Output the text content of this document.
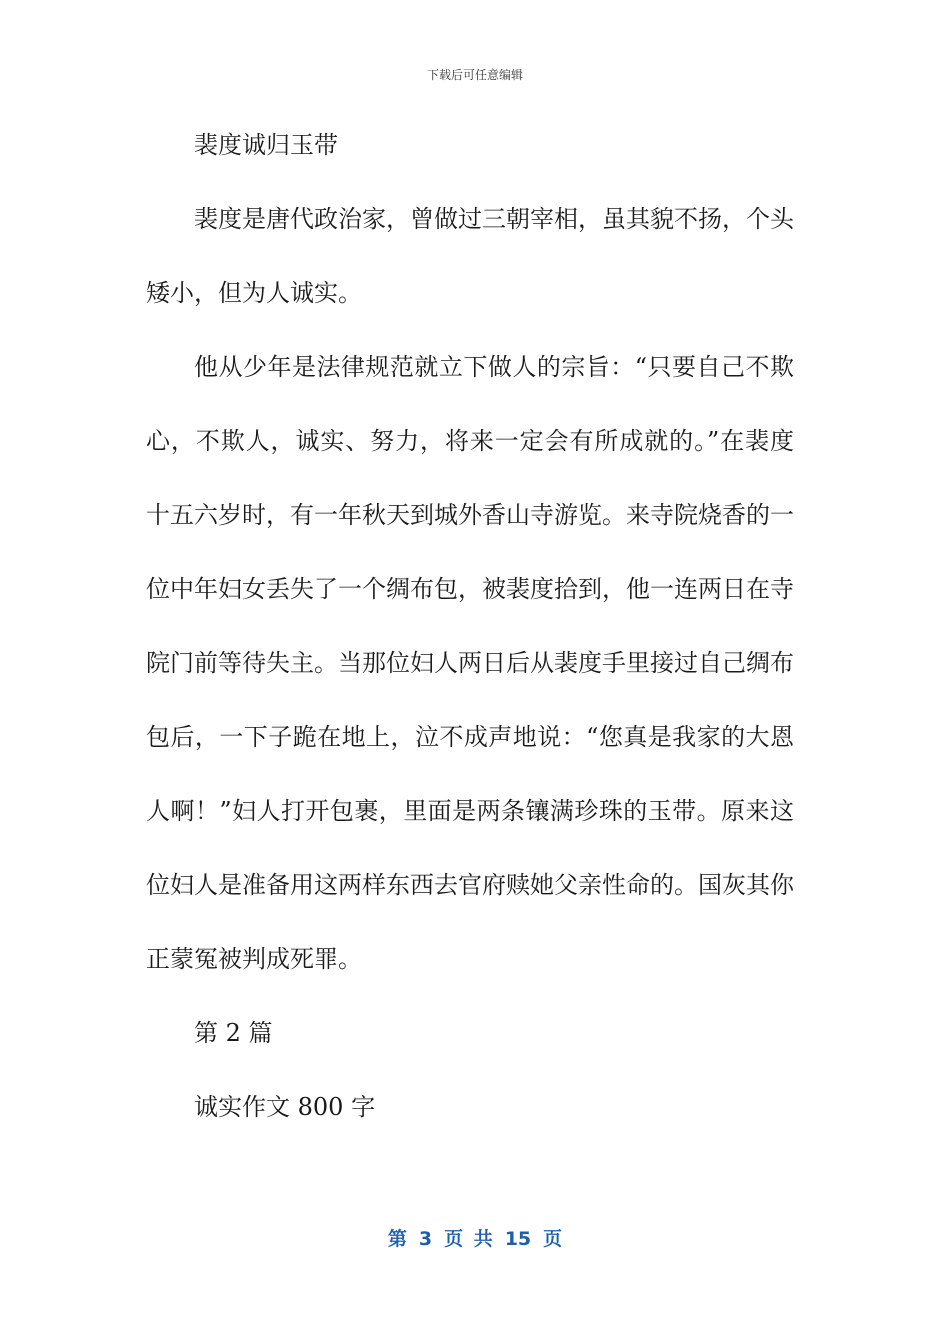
下载后可任意编辑
裴度诚归玉带
裴度是唐代政治家，曾做过三朝宰相，虽其貌不扬，个头
矮小，但为人诚实。
他从少年是法律规范就立下做人的宗旨：“只要自己不欺
心，不欺人，诚实、努力，将来一定会有所成就的。”在裴度
十五六岁时，有一年秋天到城外香山寺游览。来寺院烧香的一
位中年妇女丢失了一个绸布包，被裴度拾到，他一连两日在寺
院门前等待失主。当那位妇人两日后从裴度手里接过自己绸布
包后，一下子跪在地上，泣不成声地说：“您真是我家的大恩
人啊！”妇人打开包裹，里面是两条镶满珍珠的玉带。原来这
位妇人是准备用这两样东西去官府赎她父亲性命的。国灰其你
正蒙冤被判成死罪。
第 2 篇
诚实作文 800 字
第 3 页 共 15 页
